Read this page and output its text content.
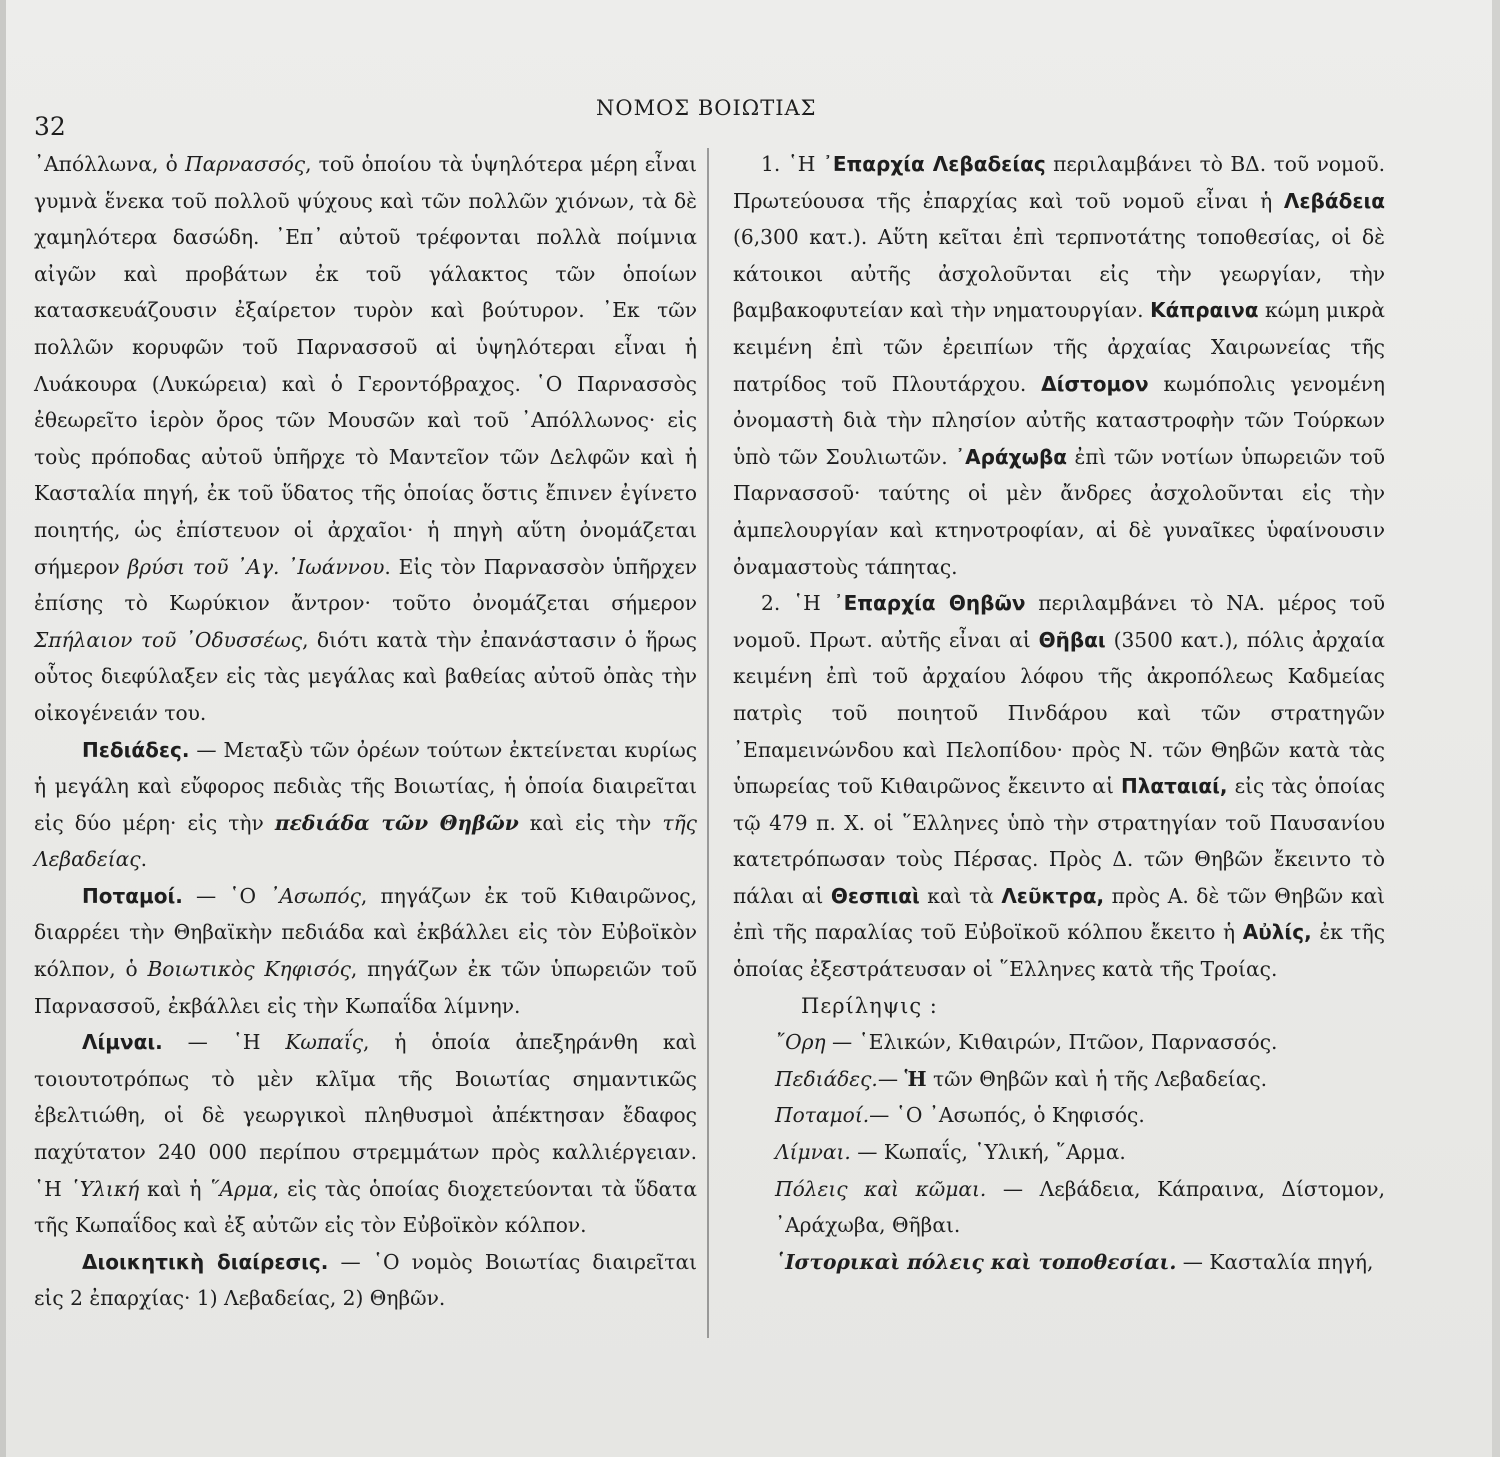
32
ΝΟΜΟΣ ΒΟΙΩΤΙΑΣ

᾿Απόλλωνα, ὁ Παρνασσός, τοῦ ὁποίου τὰ ὑψηλότερα μέρη εἶναι γυμνὰ ἕνεκα τοῦ πολλοῦ ψύχους καὶ τῶν πολλῶν χιόνων, τὰ δὲ χαμηλότερα δασώδη. ᾿Επ᾿ αὐτοῦ τρέφονται πολλὰ ποίμνια αἰγῶν καὶ προβάτων ἐκ τοῦ γάλακτος τῶν ὁποίων κατασκευάζουσιν ἐξαίρετον τυρὸν καὶ βούτυρον. ᾿Εκ τῶν πολλῶν κορυφῶν τοῦ Παρνασσοῦ αἱ ὑψηλότεραι εἶναι ἡ Λυάκουρα (Λυκώρεια) καὶ ὁ Γεροντόβραχος. ῾Ο Παρνασσὸς ἐθεωρεῖτο ἱερὸν ὄρος τῶν Μουσῶν καὶ τοῦ ᾿Απόλλωνος· εἰς τοὺς πρόποδας αὐτοῦ ὑπῆρχε τὸ Μαντεῖον τῶν Δελφῶν καὶ ἡ Κασταλία πηγή, ἐκ τοῦ ὕδατος τῆς ὁποίας ὅστις ἔπινεν ἐγίνετο ποιητής, ὡς ἐπίστευον οἱ ἀρχαῖοι· ἡ πηγὴ αὕτη ὀνομάζεται σήμερον βρύσι τοῦ ᾿Αγ. ᾿Ιωάννου. Εἰς τὸν Παρνασσὸν ὑπῆρχεν ἐπίσης τὸ Κωρύκιον ἄντρον· τοῦτο ὀνομάζεται σήμερον Σπήλαιον τοῦ ᾿Οδυσσέως, διότι κατὰ τὴν ἐπανάστασιν ὁ ἥρως οὗτος διεφύλαξεν εἰς τὰς μεγάλας καὶ βαθείας αὐτοῦ ὀπὰς τὴν οἰκογένειάν του.

Πεδιάδες. — Μεταξὺ τῶν ὀρέων τούτων ἐκτείνεται κυρίως ἡ μεγάλη καὶ εὔφορος πεδιὰς τῆς Βοιωτίας, ἡ ὁποία διαιρεῖται εἰς δύο μέρη· εἰς τὴν πεδιάδα τῶν Θηβῶν καὶ εἰς τὴν τῆς Λεβαδείας.

Ποταμοί. — ῾Ο ᾿Ασωπός, πηγάζων ἐκ τοῦ Κιθαιρῶνος, διαρρέει τὴν Θηβαϊκὴν πεδιάδα καὶ ἐκβάλλει εἰς τὸν Εὐβοϊκὸν κόλπον, ὁ Βοιωτικὸς Κηφισός, πηγάζων ἐκ τῶν ὑπωρειῶν τοῦ Παρνασσοῦ, ἐκβάλλει εἰς τὴν Κωπαΐδα λίμνην.

Λίμναι. — ῾Η Κωπαΐς, ἡ ὁποία ἀπεξηράνθη καὶ τοιουτοτρόπως τὸ μὲν κλῖμα τῆς Βοιωτίας σημαντικῶς ἐβελτιώθη, οἱ δὲ γεωργικοὶ πληθυσμοὶ ἀπέκτησαν ἔδαφος παχύτατον 240 000 περίπου στρεμμάτων πρὸς καλλιέργειαν. ῾Η ῾Υλική καὶ ἡ ῞Αρμα, εἰς τὰς ὁποίας διοχετεύονται τὰ ὕδατα τῆς Κωπαΐδος καὶ ἐξ αὐτῶν εἰς τὸν Εὐβοϊκὸν κόλπον.

Διοικητικὴ διαίρεσις. — ῾Ο νομὸς Βοιωτίας διαιρεῖται εἰς 2 ἐπαρχίας· 1) Λεβαδείας, 2) Θηβῶν.

1. ῾Η ᾿Επαρχία Λεβαδείας περιλαμβάνει τὸ ΒΔ. τοῦ νομοῦ. Πρωτεύουσα τῆς ἐπαρχίας καὶ τοῦ νομοῦ εἶναι ἡ Λεβάδεια (6,300 κατ.). Αὕτη κεῖται ἐπὶ τερπνοτάτης τοποθεσίας, οἱ δὲ κάτοικοι αὐτῆς ἀσχολοῦνται εἰς τὴν γεωργίαν, τὴν βαμβακοφυτείαν καὶ τὴν νηματουργίαν. Κάπραινα κώμη μικρὰ κειμένη ἐπὶ τῶν ἐρειπίων τῆς ἀρχαίας Χαιρωνείας τῆς πατρίδος τοῦ Πλουτάρχου. Δίστομον κωμόπολις γενομένη ὀνομαστὴ διὰ τὴν πλησίον αὐτῆς καταστροφὴν τῶν Τούρκων ὑπὸ τῶν Σουλιωτῶν. ᾿Αράχωβα ἐπὶ τῶν νοτίων ὑπωρειῶν τοῦ Παρνασσοῦ· ταύτης οἱ μὲν ἄνδρες ἀσχολοῦνται εἰς τὴν ἀμπελουργίαν καὶ κτηνοτροφίαν, αἱ δὲ γυναῖκες ὑφαίνουσιν ὀναμαστοὺς τάπητας.

2. ῾Η ᾿Επαρχία Θηβῶν περιλαμβάνει τὸ ΝΑ. μέρος τοῦ νομοῦ. Πρωτ. αὐτῆς εἶναι αἱ Θῆβαι (3500 κατ.), πόλις ἀρχαία κειμένη ἐπὶ τοῦ ἀρχαίου λόφου τῆς ἀκροπόλεως Καδμείας πατρὶς τοῦ ποιητοῦ Πινδάρου καὶ τῶν στρατηγῶν ᾿Επαμεινώνδου καὶ Πελοπίδου· πρὸς Ν. τῶν Θηβῶν κατὰ τὰς ὑπωρείας τοῦ Κιθαιρῶνος ἔκειντο αἱ Πλαταιαί, εἰς τὰς ὁποίας τῷ 479 π. Χ. οἱ ῞Ελληνες ὑπὸ τὴν στρατηγίαν τοῦ Παυσανίου κατετρόπωσαν τοὺς Πέρσας. Πρὸς Δ. τῶν Θηβῶν ἔκειντο τὸ πάλαι αἱ Θεσπιαὶ καὶ τὰ Λεῦκτρα, πρὸς Α. δὲ τῶν Θηβῶν καὶ ἐπὶ τῆς παραλίας τοῦ Εὐβοϊκοῦ κόλπου ἔκειτο ἡ Αὐλίς, ἐκ τῆς ὁποίας ἐξεστράτευσαν οἱ ῞Ελληνες κατὰ τῆς Τροίας.

Περίληψις :

῎Ορη — ῾Ελικών, Κιθαιρών, Πτῶον, Παρνασσός.

Πεδιάδες.— Ἡ τῶν Θηβῶν καὶ ἡ τῆς Λεβαδείας.

Ποταμοί.— ῾Ο ᾿Ασωπός, ὁ Κηφισός.

Λίμναι. — Κωπαΐς, ῾Υλική, ῞Αρμα.

Πόλεις καὶ κῶμαι. — Λεβάδεια, Κάπραινα, Δίστομον, ᾿Αράχωβα, Θῆβαι.

῾Ιστορικαὶ πόλεις καὶ τοποθεσίαι. — Κασταλία πηγή,
